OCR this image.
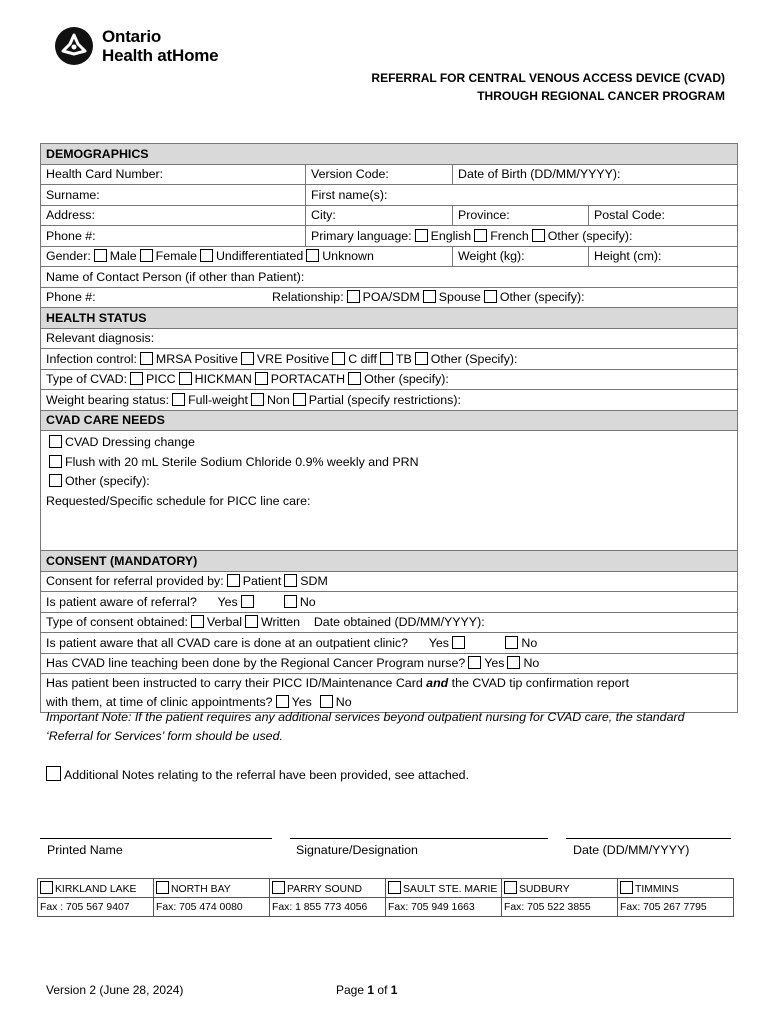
Ontario
Health atHome
REFERRAL FOR CENTRAL VENOUS ACCESS DEVICE (CVAD)
THROUGH REGIONAL CANCER PROGRAM
DEMOGRAPHICS			
Health Card Number:	Version Code:	Date of Birth (DD/MM/YYYY):	
Surname:	First name(s):		
Address:	City:	Province:	Postal Code:
Phone #:	Primary language: English French Other (specify):		
Gender: Male Female Undifferentiated Unknown		Weight (kg):	Height (cm):
Name of Contact Person (if other than Patient):			
Phone #: Relationship: POA/SDM Spouse Other (specify):			
HEALTH STATUS			
Relevant diagnosis:			
Infection control: MRSA Positive VRE Positive C diff TB Other (Specify):			
Type of CVAD: PICC HICKMAN PORTACATH Other (specify):			
Weight bearing status: Full-weight Non Partial (specify restrictions):			
CVAD CARE NEEDS			

CVAD Dressing change
Flush with 20 mL Sterile Sodium Chloride 0.9% weekly and PRN
Other (specify):
Requested/Specific schedule for PICC line care:			

CONSENT (MANDATORY)			
Consent for referral provided by: Patient SDM			
Is patient aware of referral? Yes No			
Type of consent obtained: Verbal Written Date obtained (DD/MM/YYYY):			
Is patient aware that all CVAD care is done at an outpatient clinic? Yes No			
Has CVAD line teaching been done by the Regional Cancer Program nurse? Yes No			

Has patient been instructed to carry their PICC ID/Maintenance Card and the CVAD tip confirmation report
with them, at time of clinic appointments? Yes No			
Important Note: If the patient requires any additional services beyond outpatient nursing for CVAD care, the standard ‘Referral for Services’ form should be used.
Additional Notes relating to the referral have been provided, see attached.
Printed Name	Signature/Designation	Date (DD/MM/YYYY)
KIRKLAND LAKE	NORTH BAY	PARRY SOUND	SAULT STE. MARIE	SUDBURY	TIMMINS
Fax : 705 567 9407	Fax: 705 474 0080	Fax: 1 855 773 4056	Fax: 705 949 1663	Fax: 705 522 3855	Fax: 705 267 7795
Version 2 (June 28, 2024)	Page 1 of 1
